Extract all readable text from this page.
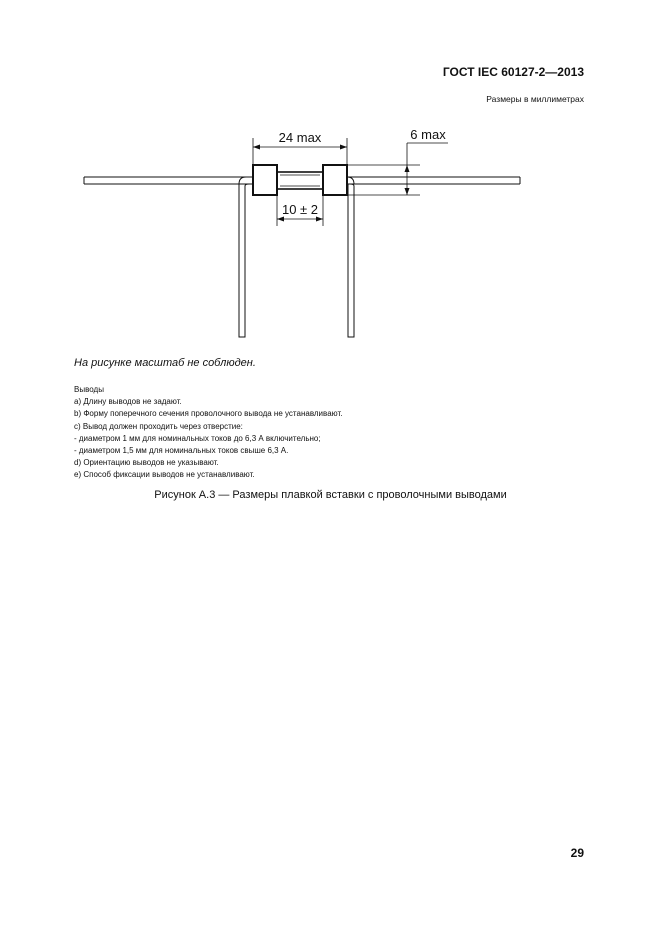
ГОСТ IEC 60127-2—2013
Размеры в миллиметрах
24 max	6 max
10 ± 2
На рисунке масштаб не соблюден.
Выводы
a) Длину выводов не задают.
b) Форму поперечного сечения проволочного вывода не устанавливают.
c) Вывод должен проходить через отверстие:
- диаметром 1 мм для номинальных токов до 6,3 А включительно;
- диаметром 1,5 мм для номинальных токов свыше 6,3 А.
d) Ориентацию выводов не указывают.
e) Способ фиксации выводов не устанавливают.
Рисунок А.3 — Размеры плавкой вставки с проволочными выводами
29
